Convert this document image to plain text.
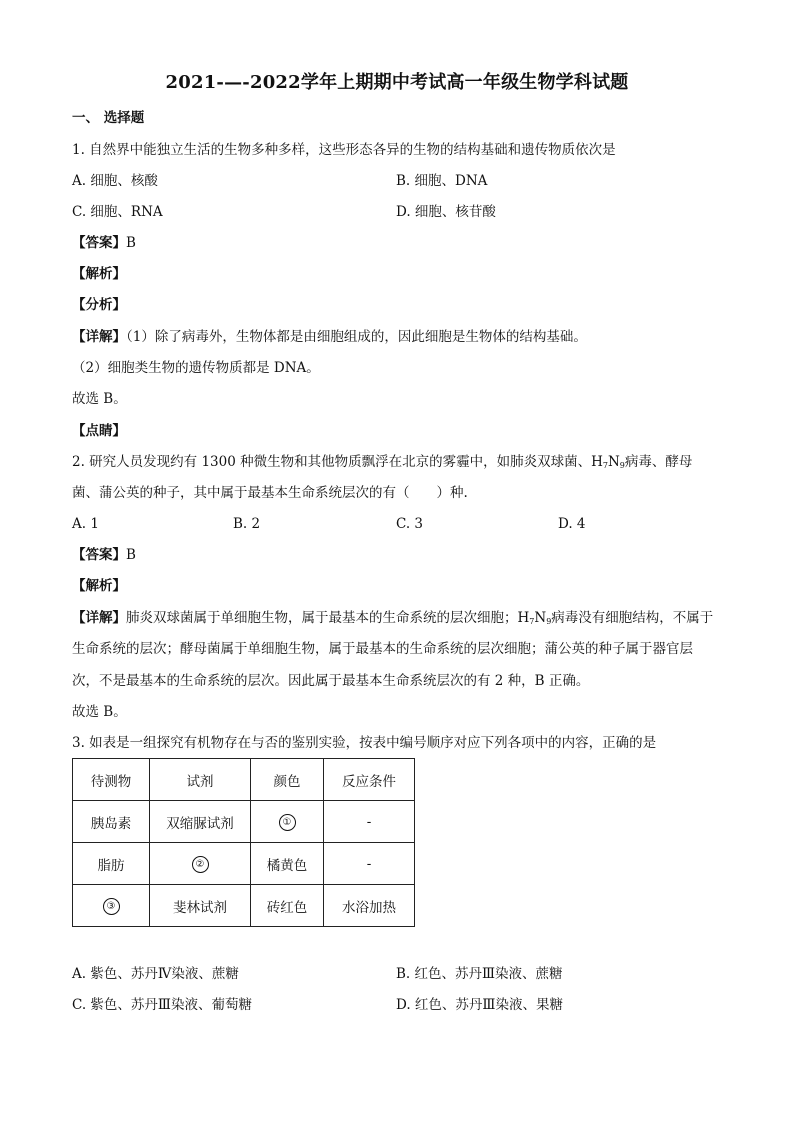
2021-—-2022学年上期期中考试高一年级生物学科试题
一、 选择题
1. 自然界中能独立生活的生物多种多样，这些形态各异的生物的结构基础和遗传物质依次是
A. 细胞、核酸	B. 细胞、DNA
C. 细胞、RNA	D. 细胞、核苷酸
【答案】B
【解析】
【分析】
【详解】（1）除了病毒外，生物体都是由细胞组成的，因此细胞是生物体的结构基础。
（2）细胞类生物的遗传物质都是 DNA。
故选 B。
【点睛】
2. 研究人员发现约有 1300 种微生物和其他物质飘浮在北京的雾霾中，如肺炎双球菌、$H_7N_9$病毒、酵母
菌、蒲公英的种子，其中属于最基本生命系统层次的有（　　）种.
A. 1	B. 2	C. 3	D. 4
【答案】B
【解析】
【详解】肺炎双球菌属于单细胞生物，属于最基本的生命系统的层次细胞；$H_7N_9$病毒没有细胞结构，不属于
生命系统的层次；酵母菌属于单细胞生物，属于最基本的生命系统的层次细胞；蒲公英的种子属于器官层
次，不是最基本的生命系统的层次。因此属于最基本生命系统层次的有 2 种，B 正确。
故选 B。
3. 如表是一组探究有机物存在与否的鉴别实验，按表中编号顺序对应下列各项中的内容，正确的是
待测物	试剂	颜色	反应条件
胰岛素	双缩脲试剂	①	-
脂肪	②	橘黄色	-
③	斐林试剂	砖红色	水浴加热
A. 紫色、苏丹Ⅳ染液、蔗糖	B. 红色、苏丹Ⅲ染液、蔗糖
C. 紫色、苏丹Ⅲ染液、葡萄糖	D. 红色、苏丹Ⅲ染液、果糖
